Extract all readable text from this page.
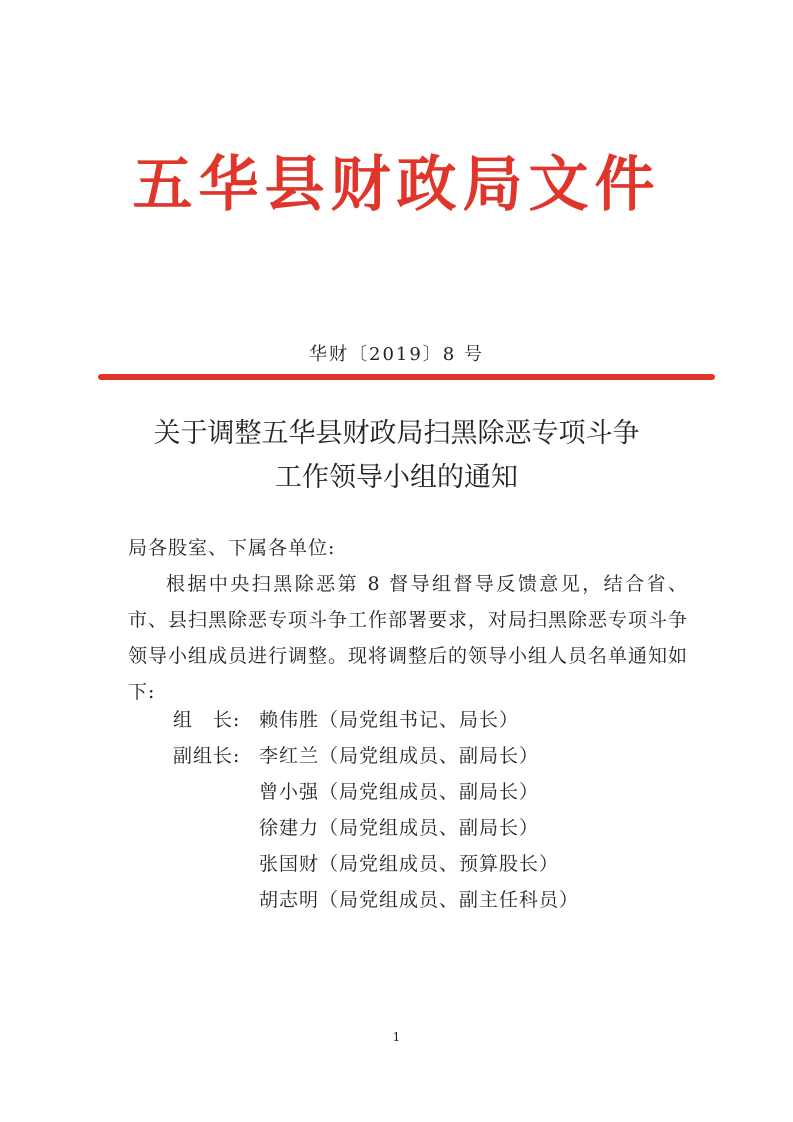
五华县财政局文件
华财〔2019〕8 号
关于调整五华县财政局扫黑除恶专项斗争
工作领导小组的通知
局各股室、下属各单位:
根据中央扫黑除恶第 8 督导组督导反馈意见，结合省、市、县扫黑除恶专项斗争工作部署要求，对局扫黑除恶专项斗争领导小组成员进行调整。现将调整后的领导小组人员名单通知如下:
组　长: 赖伟胜（局党组书记、局长）
副组长: 李红兰（局党组成员、副局长）
曾小强（局党组成员、副局长）
徐建力（局党组成员、副局长）
张国财（局党组成员、预算股长）
胡志明（局党组成员、副主任科员）
1
